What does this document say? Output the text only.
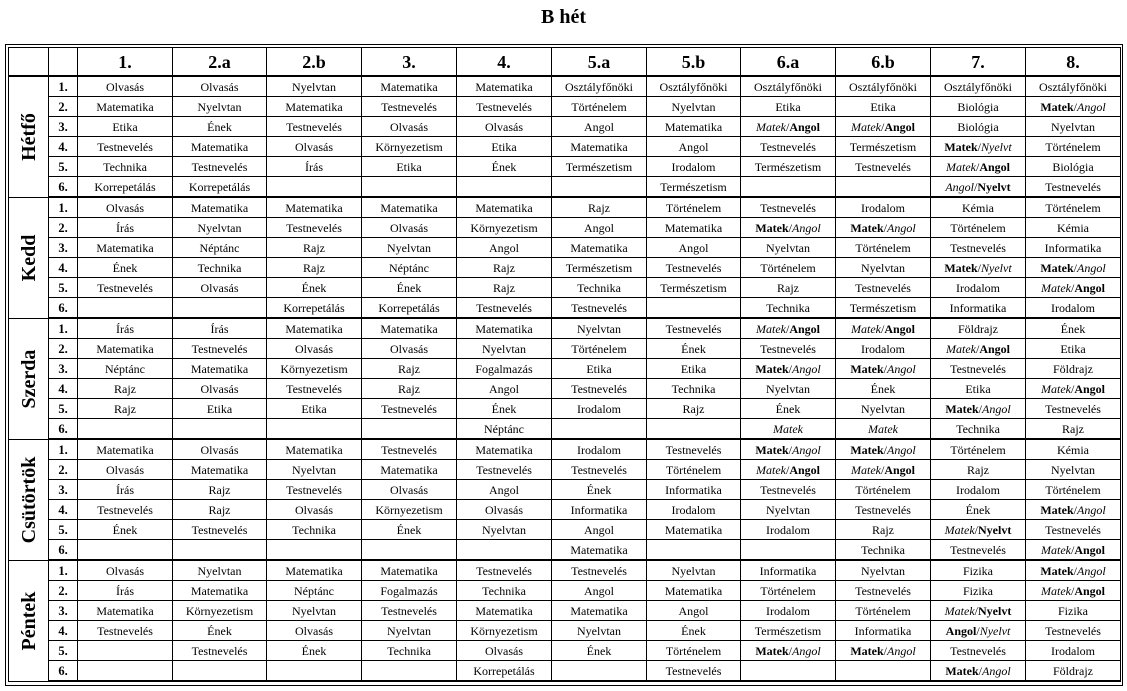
B hét
		1.	2.a	2.b	3.	4.	5.a	5.b	6.a	6.b	7.	8.

Hétfő	1.	Olvasás	Olvasás	Nyelvtan	Matematika	Matematika	Osztályfőnöki	Osztályfőnöki	Osztályfőnöki	Osztályfőnöki	Osztályfőnöki	Osztályfőnöki
	2.	Matematika	Nyelvtan	Matematika	Testnevelés	Testnevelés	Történelem	Nyelvtan	Etika	Etika	Biológia	Matek/Angol
	3.	Etika	Ének	Testnevelés	Olvasás	Olvasás	Angol	Matematika	Matek/Angol	Matek/Angol	Biológia	Nyelvtan
	4.	Testnevelés	Matematika	Olvasás	Környezetism	Etika	Matematika	Angol	Testnevelés	Természetism	Matek/Nyelvt	Történelem
	5.	Technika	Testnevelés	Írás	Etika	Ének	Természetism	Irodalom	Természetism	Testnevelés	Matek/Angol	Biológia
	6.	Korrepetálás	Korrepetálás					Természetism			Angol/Nyelvt	Testnevelés

Kedd	1.	Olvasás	Matematika	Matematika	Matematika	Matematika	Rajz	Történelem	Testnevelés	Irodalom	Kémia	Történelem
	2.	Írás	Nyelvtan	Testnevelés	Olvasás	Környezetism	Angol	Matematika	Matek/Angol	Matek/Angol	Történelem	Kémia
	3.	Matematika	Néptánc	Rajz	Nyelvtan	Angol	Matematika	Angol	Nyelvtan	Történelem	Testnevelés	Informatika
	4.	Ének	Technika	Rajz	Néptánc	Rajz	Természetism	Testnevelés	Történelem	Nyelvtan	Matek/Nyelvt	Matek/Angol
	5.	Testnevelés	Olvasás	Ének	Ének	Rajz	Technika	Természetism	Rajz	Testnevelés	Irodalom	Matek/Angol
	6.			Korrepetálás	Korrepetálás	Testnevelés	Testnevelés		Technika	Természetism	Informatika	Irodalom

Szerda	1.	Írás	Írás	Matematika	Matematika	Matematika	Nyelvtan	Testnevelés	Matek/Angol	Matek/Angol	Földrajz	Ének
	2.	Matematika	Testnevelés	Olvasás	Olvasás	Nyelvtan	Történelem	Ének	Testnevelés	Irodalom	Matek/Angol	Etika
	3.	Néptánc	Matematika	Környezetism	Rajz	Fogalmazás	Etika	Etika	Matek/Angol	Matek/Angol	Testnevelés	Földrajz
	4.	Rajz	Olvasás	Testnevelés	Rajz	Angol	Testnevelés	Technika	Nyelvtan	Ének	Etika	Matek/Angol
	5.	Rajz	Etika	Etika	Testnevelés	Ének	Irodalom	Rajz	Ének	Nyelvtan	Matek/Angol	Testnevelés
	6.					Néptánc			Matek	Matek	Technika	Rajz

Csütörtök	1.	Matematika	Olvasás	Matematika	Testnevelés	Matematika	Irodalom	Testnevelés	Matek/Angol	Matek/Angol	Történelem	Kémia
	2.	Olvasás	Matematika	Nyelvtan	Matematika	Testnevelés	Testnevelés	Történelem	Matek/Angol	Matek/Angol	Rajz	Nyelvtan
	3.	Írás	Rajz	Testnevelés	Olvasás	Angol	Ének	Informatika	Testnevelés	Történelem	Irodalom	Történelem
	4.	Testnevelés	Rajz	Olvasás	Környezetism	Olvasás	Informatika	Irodalom	Nyelvtan	Testnevelés	Ének	Matek/Angol
	5.	Ének	Testnevelés	Technika	Ének	Nyelvtan	Angol	Matematika	Irodalom	Rajz	Matek/Nyelvt	Testnevelés
	6.						Matematika			Technika	Testnevelés	Matek/Angol

Péntek	1.	Olvasás	Nyelvtan	Matematika	Matematika	Testnevelés	Testnevelés	Nyelvtan	Informatika	Nyelvtan	Fizika	Matek/Angol
	2.	Írás	Matematika	Néptánc	Fogalmazás	Technika	Angol	Matematika	Történelem	Testnevelés	Fizika	Matek/Angol
	3.	Matematika	Környezetism	Nyelvtan	Testnevelés	Matematika	Matematika	Angol	Irodalom	Történelem	Matek/Nyelvt	Fizika
	4.	Testnevelés	Ének	Olvasás	Nyelvtan	Környezetism	Nyelvtan	Ének	Természetism	Informatika	Angol/Nyelvt	Testnevelés
	5.		Testnevelés	Ének	Technika	Olvasás	Ének	Történelem	Matek/Angol	Matek/Angol	Testnevelés	Irodalom
	6.					Korrepetálás		Testnevelés			Matek/Angol	Földrajz
